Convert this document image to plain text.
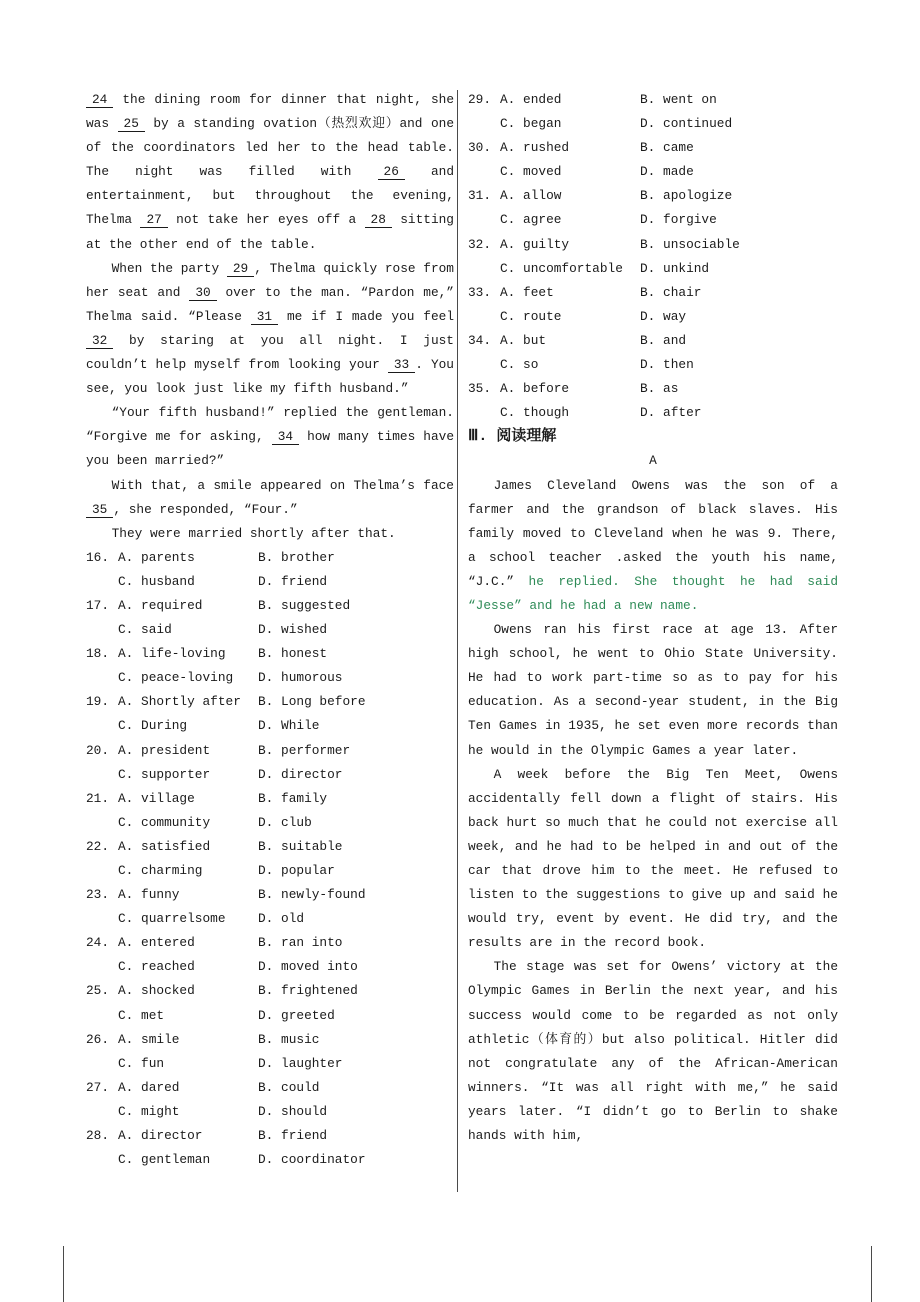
24 the dining room for dinner that night, she was 25 by a standing ovation（热烈欢迎）and one of the coordinators led her to the head table. The night was filled with 26 and entertainment, but throughout the evening, Thelma 27 not take her eyes off a 28 sitting at the other end of the table.

When the party 29 , Thelma quickly rose from her seat and 30 over to the man. “Pardon me,” Thelma said. “Please 31 me if I made you feel 32 by staring at you all night. I just couldn’t help myself from looking your 33 . You see, you look just like my fifth husband.”

“Your fifth husband!” replied the gentleman. “Forgive me for asking, 34 how many times have you been married?”

With that, a smile appeared on Thelma’s face 35 , she responded, “Four.”

They were married shortly after that.

16. A. parents	B. brother
C. husband	D. friend
17. A. required	B. suggested
C. said	D. wished
18. A. life-loving	B. honest
C. peace-loving	D. humorous
19. A. Shortly after	B. Long before
C. During	D. While
20. A. president	B. performer
C. supporter	D. director
21. A. village	B. family
C. community	D. club
22. A. satisfied	B. suitable
C. charming	D. popular
23. A. funny	B. newly-found
C. quarrelsome	D. old
24. A. entered	B. ran into
C. reached	D. moved into
25. A. shocked	B. frightened
C. met	D. greeted
26. A. smile	B. music
C. fun	D. laughter
27. A. dared	B. could
C. might	D. should
28. A. director	B. friend
C. gentleman	D. coordinator
29. A. ended	B. went on
C. began	D. continued
30. A. rushed	B. came
C. moved	D. made
31. A. allow	B. apologize
C. agree	D. forgive
32. A. guilty	B. unsociable
C. uncomfortable	D. unkind
33. A. feet	B. chair
C. route	D. way
34. A. but	B. and
C. so	D. then
35. A. before	B. as
C. though	D. after
Ⅲ. 阅读理解
A

James Cleveland Owens was the son of a farmer and the grandson of black slaves. His family moved to Cleveland when he was 9. There, a school teacher .asked the youth his name, “J.C.” he replied. She thought he had said “Jesse” and he had a new name.

Owens ran his first race at age 13. After high school, he went to Ohio State University. He had to work part-time so as to pay for his education. As a second-year student, in the Big Ten Games in 1935, he set even more records than he would in the Olympic Games a year later.

A week before the Big Ten Meet, Owens accidentally fell down a flight of stairs. His back hurt so much that he could not exercise all week, and he had to be helped in and out of the car that drove him to the meet. He refused to listen to the suggestions to give up and said he would try, event by event. He did try, and the results are in the record book.

The stage was set for Owens’ victory at the Olympic Games in Berlin the next year, and his success would come to be regarded as not only athletic（体育的）but also political. Hitler did not congratulate any of the African-American winners. “It was all right with me,” he said years later. “I didn’t go to Berlin to shake hands with him,
